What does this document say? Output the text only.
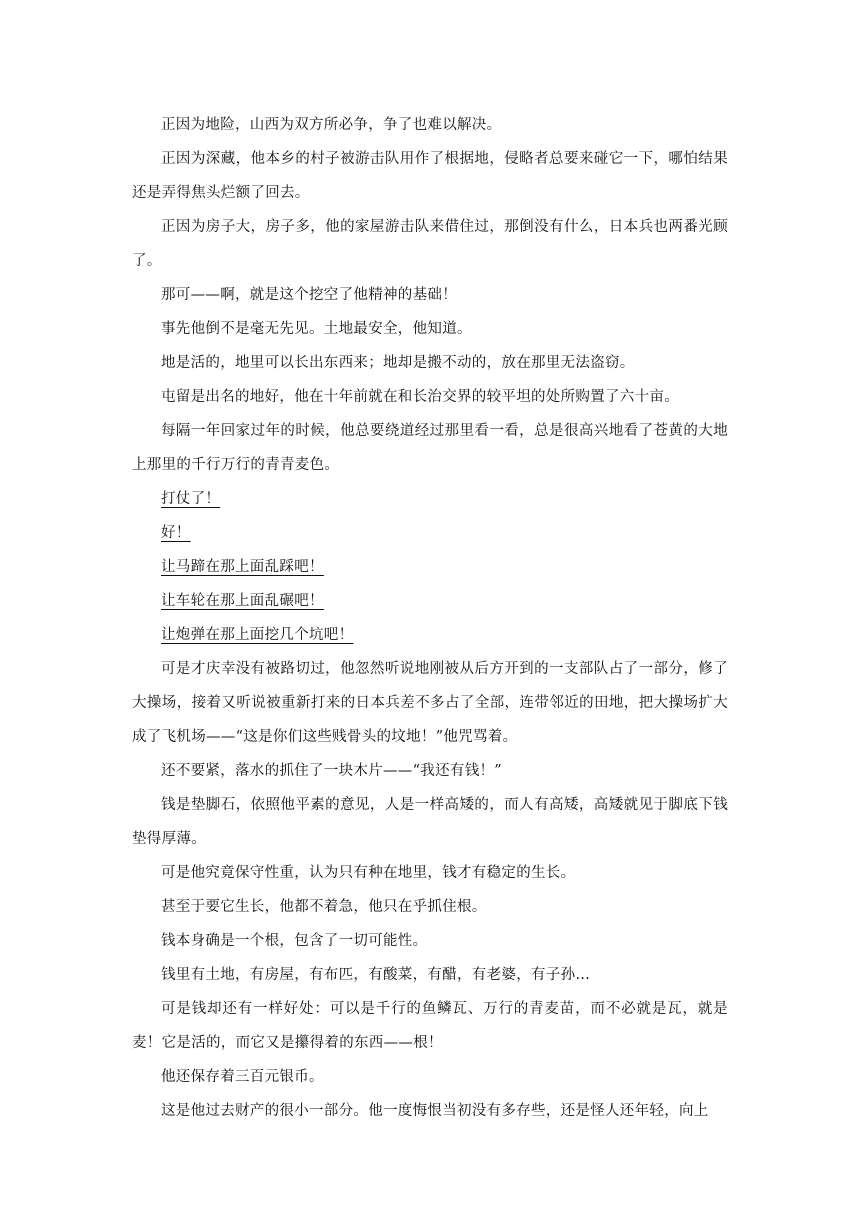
正因为地险，山西为双方所必争，争了也难以解决。

正因为深藏，他本乡的村子被游击队用作了根据地，侵略者总要来碰它一下，哪怕结果还是弄得焦头烂额了回去。

正因为房子大，房子多，他的家屋游击队来借住过，那倒没有什么，日本兵也两番光顾了。

那可——啊，就是这个挖空了他精神的基础！

事先他倒不是毫无先见。土地最安全，他知道。

地是活的，地里可以长出东西来；地却是搬不动的，放在那里无法盗窃。

屯留是出名的地好，他在十年前就在和长治交界的较平坦的处所购置了六十亩。

每隔一年回家过年的时候，他总要绕道经过那里看一看，总是很高兴地看了苍黄的大地上那里的千行万行的青青麦色。

打仗了！

好！

让马蹄在那上面乱踩吧！

让车轮在那上面乱碾吧！

让炮弹在那上面挖几个坑吧！

可是才庆幸没有被路切过，他忽然听说地刚被从后方开到的一支部队占了一部分，修了大操场，接着又听说被重新打来的日本兵差不多占了全部，连带邻近的田地，把大操场扩大成了飞机场——“这是你们这些贱骨头的坟地！”他咒骂着。

还不要紧，落水的抓住了一块木片——“我还有钱！”

钱是垫脚石，依照他平素的意见，人是一样高矮的，而人有高矮，高矮就见于脚底下钱垫得厚薄。

可是他究竟保守性重，认为只有种在地里，钱才有稳定的生长。

甚至于要它生长，他都不着急，他只在乎抓住根。

钱本身确是一个根，包含了一切可能性。

钱里有土地，有房屋，有布匹，有酸菜，有醋，有老婆，有子孙…

可是钱却还有一样好处：可以是千行的鱼鳞瓦、万行的青麦苗，而不必就是瓦，就是麦！它是活的，而它又是攥得着的东西——根！

他还保存着三百元银币。

这是他过去财产的很小一部分。他一度悔恨当初没有多存些，还是怪人还年轻，向上
